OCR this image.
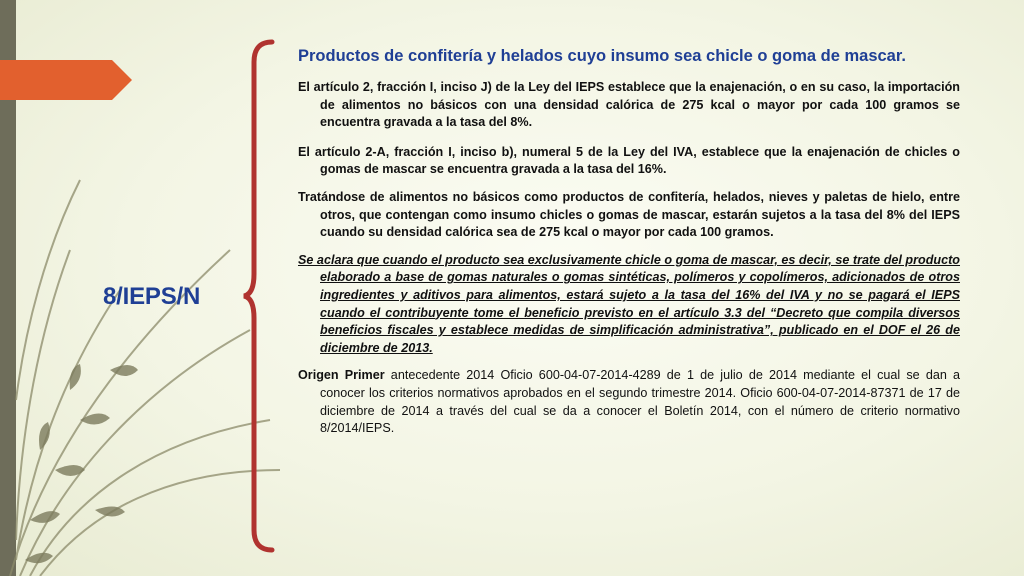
8/IEPS/N

Productos de confitería y helados cuyo insumo sea chicle o goma de mascar.

El artículo 2, fracción I, inciso J) de la Ley del IEPS establece que la enajenación, o en su caso, la importación de alimentos no básicos con una densidad calórica de 275 kcal o mayor por cada 100 gramos se encuentra gravada a la tasa del 8%.

El artículo 2-A, fracción I, inciso b), numeral 5 de la Ley del IVA, establece que la enajenación de chicles o gomas de mascar se encuentra gravada a la tasa del 16%.

Tratándose de alimentos no básicos como productos de confitería, helados, nieves y paletas de hielo, entre otros, que contengan como insumo chicles o gomas de mascar, estarán sujetos a la tasa del 8% del IEPS cuando su densidad calórica sea de 275 kcal o mayor por cada 100 gramos.

Se aclara que cuando el producto sea exclusivamente chicle o goma de mascar, es decir, se trate del producto elaborado a base de gomas naturales o gomas sintéticas, polímeros y copolímeros, adicionados de otros ingredientes y aditivos para alimentos, estará sujeto a la tasa del 16% del IVA y no se pagará el IEPS cuando el contribuyente tome el beneficio previsto en el artículo 3.3 del “Decreto que compila diversos beneficios fiscales y establece medidas de simplificación administrativa”, publicado en el DOF el 26 de diciembre de 2013.

Origen Primer antecedente 2014 Oficio 600-04-07-2014-4289 de 1 de julio de 2014 mediante el cual se dan a conocer los criterios normativos aprobados en el segundo trimestre 2014. Oficio 600-04-07-2014-87371 de 17 de diciembre de 2014 a través del cual se da a conocer el Boletín 2014, con el número de criterio normativo 8/2014/IEPS.
